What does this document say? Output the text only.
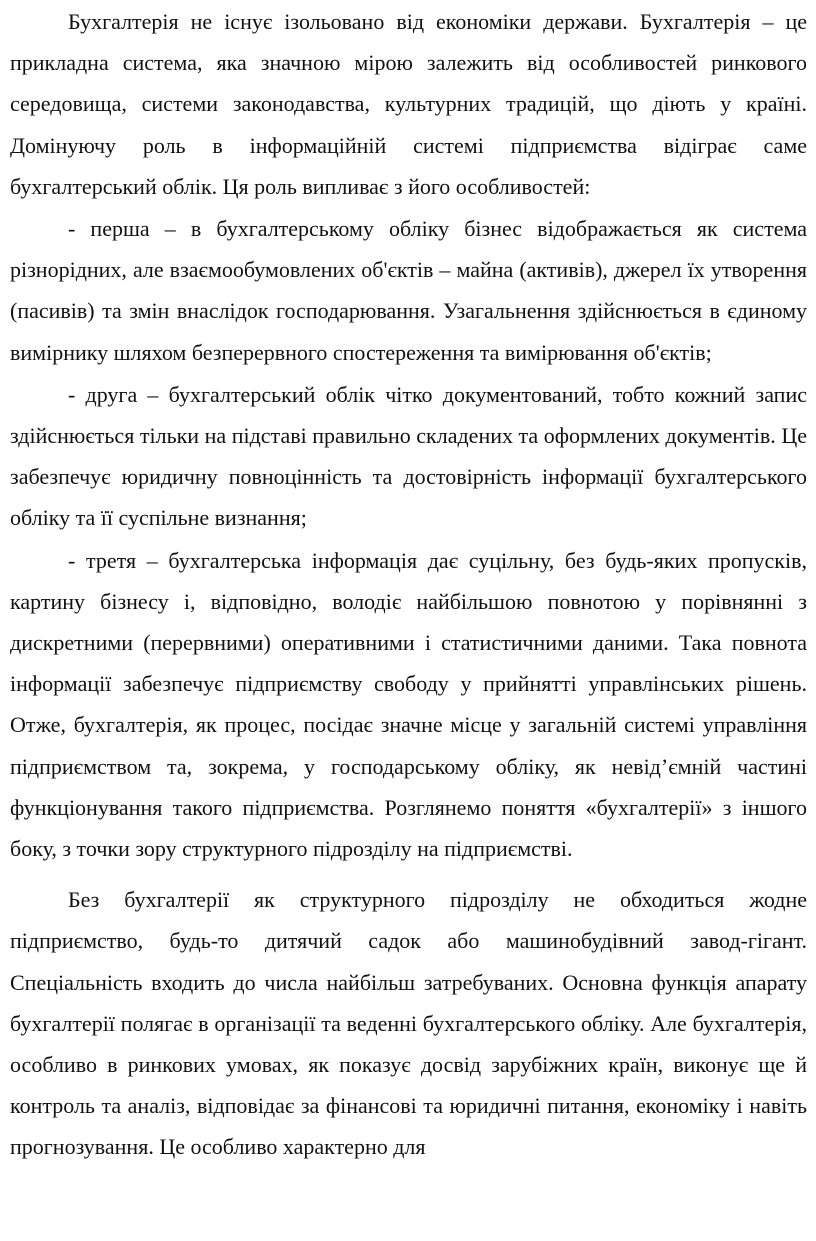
Бухгалтерія не існує ізольовано від економіки держави. Бухгалтерія – це прикладна система, яка значною мірою залежить від особливостей ринкового середовища, системи законодавства, культурних традицій, що діють у країні. Домінуючу роль в інформаційній системі підприємства відіграє саме бухгалтерський облік. Ця роль випливає з його особливостей:

- перша – в бухгалтерському обліку бізнес відображається як система різнорідних, але взаємообумовлених об'єктів – майна (активів), джерел їх утворення (пасивів) та змін внаслідок господарювання. Узагальнення здійснюється в єдиному вимірнику шляхом безперервного спостереження та вимірювання об'єктів;

- друга – бухгалтерський облік чітко документований, тобто кожний запис здійснюється тільки на підставі правильно складених та оформлених документів. Це забезпечує юридичну повноцінність та достовірність інформації бухгалтерського обліку та її суспільне визнання;

- третя – бухгалтерська інформація дає суцільну, без будь-яких пропусків, картину бізнесу і, відповідно, володіє найбільшою повнотою у порівнянні з дискретними (перервними) оперативними і статистичними даними. Така повнота інформації забезпечує підприємству свободу у прийнятті управлінських рішень. Отже, бухгалтерія, як процес, посідає значне місце у загальній системі управління підприємством та, зокрема, у господарському обліку, як невід’ємній частині функціонування такого підприємства. Розглянемо поняття «бухгалтерії» з іншого боку, з точки зору структурного підрозділу на підприємстві.

Без бухгалтерії як структурного підрозділу не обходиться жодне підприємство, будь-то дитячий садок або машинобудівний завод-гігант. Спеціальність входить до числа найбільш затребуваних. Основна функція апарату бухгалтерії полягає в організації та веденні бухгалтерського обліку. Але бухгалтерія, особливо в ринкових умовах, як показує досвід зарубіжних країн, виконує ще й контроль та аналіз, відповідає за фінансові та юридичні питання, економіку і навіть прогнозування. Це особливо характерно для
